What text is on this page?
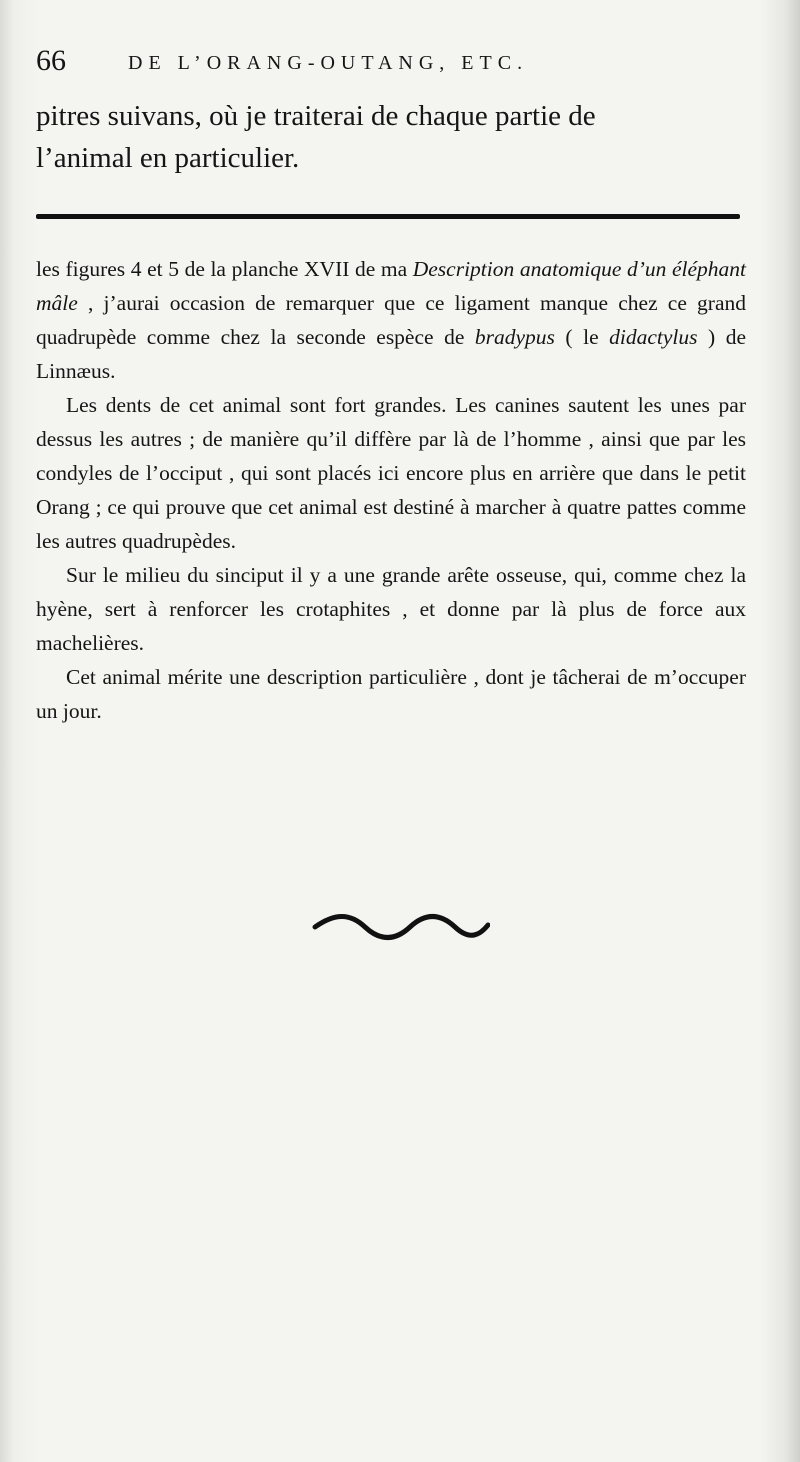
66	DE L’ORANG-OUTANG, ETC.
pitres suivans, où je traiterai de chaque partie de
l’animal en particulier.

les figures 4 et 5 de la planche XVII de ma Description anatomique d’un éléphant mâle , j’aurai occasion de remarquer que ce ligament manque chez ce grand quadrupède comme chez la seconde espèce de bradypus ( le didactylus ) de Linnæus.

Les dents de cet animal sont fort grandes. Les canines sautent les unes par dessus les autres ; de manière qu’il diffère par là de l’homme , ainsi que par les condyles de l’occiput , qui sont placés ici encore plus en arrière que dans le petit Orang ; ce qui prouve que cet animal est destiné à marcher à quatre pattes comme les autres quadrupèdes.

Sur le milieu du sinciput il y a une grande arête osseuse, qui, comme chez la hyène, sert à renforcer les crotaphites , et donne par là plus de force aux machelières.

Cet animal mérite une description particulière , dont je tâcherai de m’occuper un jour.
